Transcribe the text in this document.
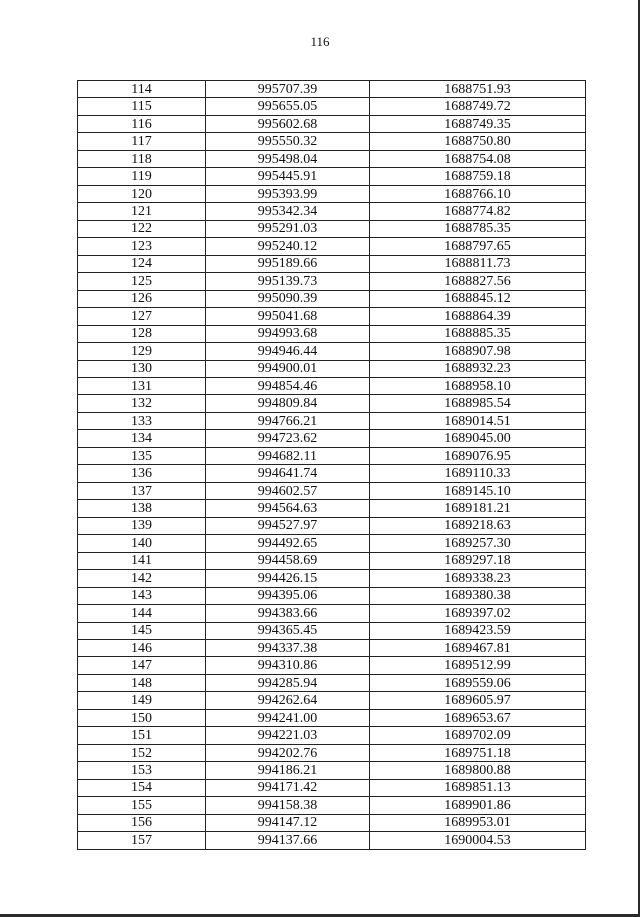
116
114	995707.39	1688751.93
115	995655.05	1688749.72
116	995602.68	1688749.35
117	995550.32	1688750.80
118	995498.04	1688754.08
119	995445.91	1688759.18
120	995393.99	1688766.10
121	995342.34	1688774.82
122	995291.03	1688785.35
123	995240.12	1688797.65
124	995189.66	1688811.73
125	995139.73	1688827.56
126	995090.39	1688845.12
127	995041.68	1688864.39
128	994993.68	1688885.35
129	994946.44	1688907.98
130	994900.01	1688932.23
131	994854.46	1688958.10
132	994809.84	1688985.54
133	994766.21	1689014.51
134	994723.62	1689045.00
135	994682.11	1689076.95
136	994641.74	1689110.33
137	994602.57	1689145.10
138	994564.63	1689181.21
139	994527.97	1689218.63
140	994492.65	1689257.30
141	994458.69	1689297.18
142	994426.15	1689338.23
143	994395.06	1689380.38
144	994383.66	1689397.02
145	994365.45	1689423.59
146	994337.38	1689467.81
147	994310.86	1689512.99
148	994285.94	1689559.06
149	994262.64	1689605.97
150	994241.00	1689653.67
151	994221.03	1689702.09
152	994202.76	1689751.18
153	994186.21	1689800.88
154	994171.42	1689851.13
155	994158.38	1689901.86
156	994147.12	1689953.01
157	994137.66	1690004.53
